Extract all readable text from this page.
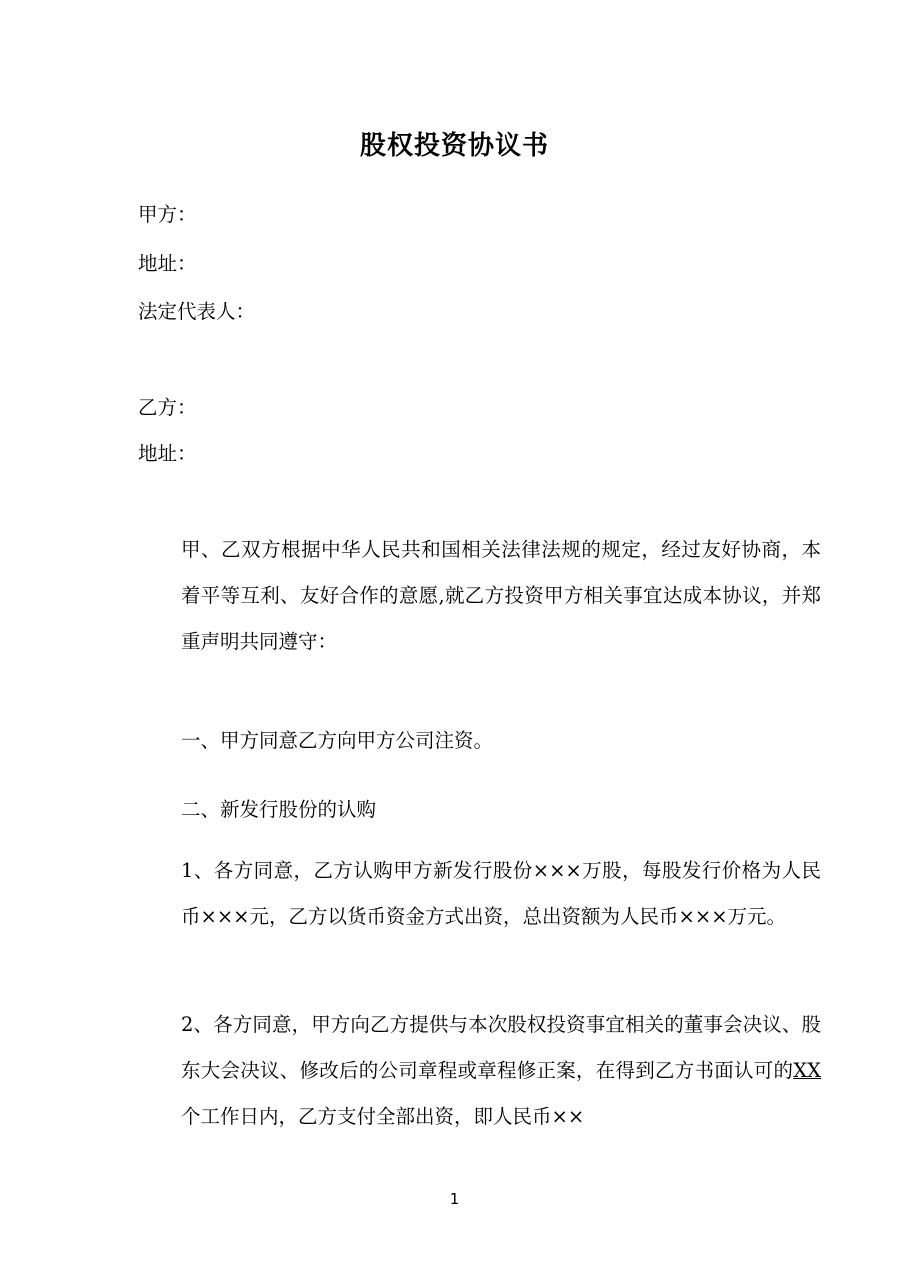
股权投资协议书
甲方：
地址：
法定代表人：
乙方：
地址：
甲、乙双方根据中华人民共和国相关法律法规的规定，经过友好协商，本着平等互利、友好合作的意愿,就乙方投资甲方相关事宜达成本协议，并郑重声明共同遵守：
一、甲方同意乙方向甲方公司注资。
二、新发行股份的认购
1、各方同意，乙方认购甲方新发行股份×××万股，每股发行价格为人民币×××元，乙方以货币资金方式出资，总出资额为人民币×××万元。
2、各方同意，甲方向乙方提供与本次股权投资事宜相关的董事会决议、股东大会决议、修改后的公司章程或章程修正案，在得到乙方书面认可的XX个工作日内，乙方支付全部出资，即人民币××
1
